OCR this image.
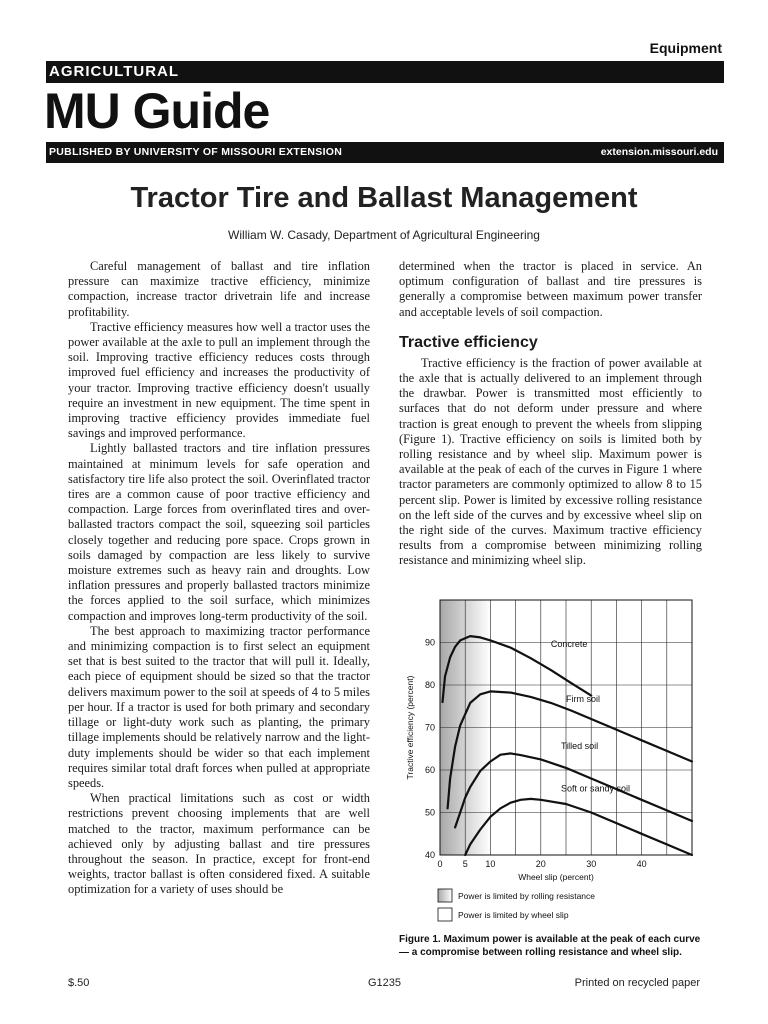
Equipment
AGRICULTURAL
MU Guide
PUBLISHED BY UNIVERSITY OF MISSOURI EXTENSION	extension.missouri.edu
Tractor Tire and Ballast Management
William W. Casady, Department of Agricultural Engineering

Careful management of ballast and tire inflation pressure can maximize tractive efficiency, minimize compaction, increase tractor drivetrain life and increase profitability.

Tractive efficiency measures how well a tractor uses the power available at the axle to pull an implement through the soil. Improving tractive efficiency reduces costs through improved fuel efficiency and increases the productivity of your tractor. Improving tractive efficiency doesn't usually require an investment in new equipment. The time spent in improving tractive efficiency provides immediate fuel savings and improved performance.

Lightly ballasted tractors and tire inflation pressures maintained at minimum levels for safe operation and satisfactory tire life also protect the soil. Overinflated tractor tires are a common cause of poor tractive efficiency and compaction. Large forces from overinflated tires and over-ballasted tractors compact the soil, squeezing soil particles closely together and reducing pore space. Crops grown in soils damaged by compaction are less likely to survive moisture extremes such as heavy rain and droughts. Low inflation pressures and properly ballasted tractors minimize the forces applied to the soil surface, which minimizes compaction and improves long-term productivity of the soil.

The best approach to maximizing tractor performance and minimizing compaction is to first select an equipment set that is best suited to the tractor that will pull it. Ideally, each piece of equipment should be sized so that the tractor delivers maximum power to the soil at speeds of 4 to 5 miles per hour. If a tractor is used for both primary and secondary tillage or light-duty work such as planting, the primary tillage implements should be relatively narrow and the light-duty implements should be wider so that each implement requires similar total draft forces when pulled at appropriate speeds.

When practical limitations such as cost or width restrictions prevent choosing implements that are well matched to the tractor, maximum performance can be achieved only by adjusting ballast and tire pressures throughout the season. In practice, except for front-end weights, tractor ballast is often considered fixed. A suitable optimization for a variety of uses should be

determined when the tractor is placed in service. An optimum configuration of ballast and tire pressures is generally a compromise between maximum power transfer and acceptable levels of soil compaction.

Tractive efficiency

Tractive efficiency is the fraction of power available at the axle that is actually delivered to an implement through the drawbar. Power is transmitted most efficiently to surfaces that do not deform under pressure and where traction is great enough to prevent the wheels from slipping (Figure 1). Tractive efficiency on soils is limited both by rolling resistance and by wheel slip. Maximum power is available at the peak of each of the curves in Figure 1 where tractor parameters are commonly optimized to allow 8 to 15 percent slip. Power is limited by excessive rolling resistance on the left side of the curves and by excessive wheel slip on the right side of the curves. Maximum tractive efficiency results from a compromise between minimizing rolling resistance and minimizing wheel slip.

40
50
60
70
80
90
0 5 10	20	30	40
Wheel slip (percent)
Tractive efficiency (percent)
Concrete
Firm soil
Tilled soil
Soft or sandy soil
Power is limited by rolling resistance
Power is limited by wheel slip
Figure 1. Maximum power is available at the peak of each curve — a compromise between rolling resistance and wheel slip.
$.50	G1235	Printed on recycled paper
